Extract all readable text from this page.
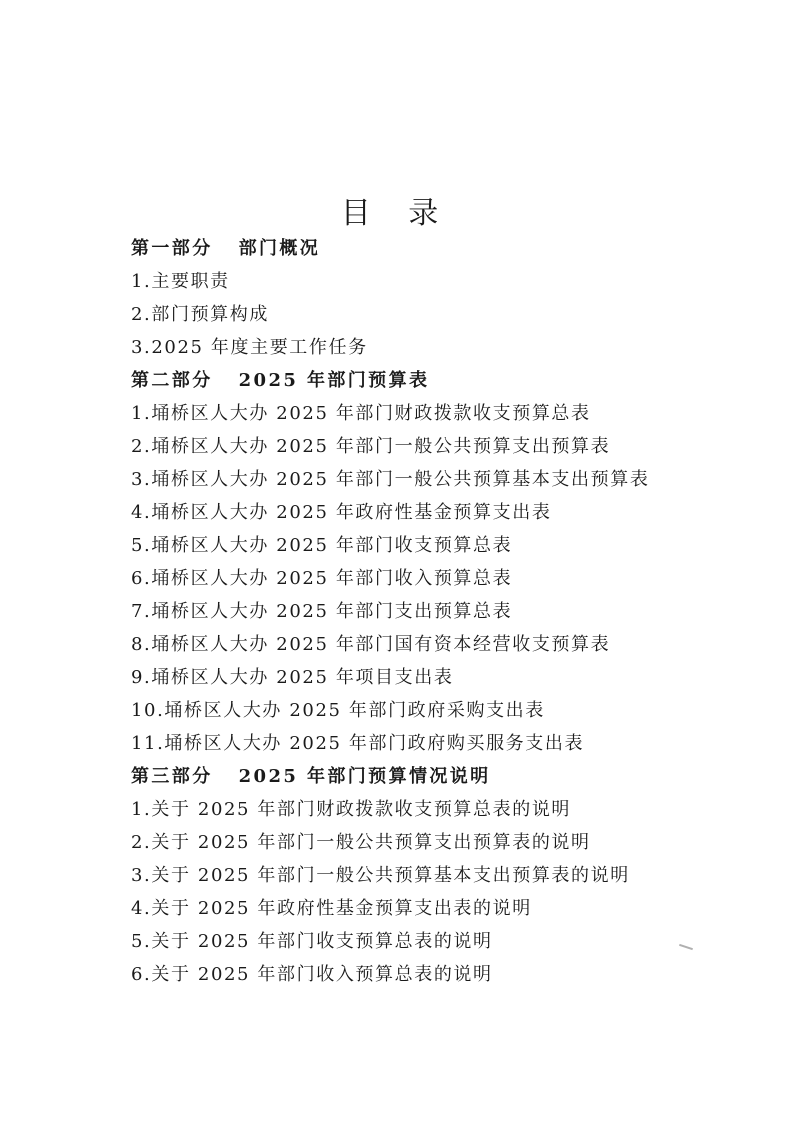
目 录
第一部分 部门概况
1.主要职责
2.部门预算构成
3.2025 年度主要工作任务
第二部分 2025 年部门预算表
1.埇桥区人大办 2025 年部门财政拨款收支预算总表
2.埇桥区人大办 2025 年部门一般公共预算支出预算表
3.埇桥区人大办 2025 年部门一般公共预算基本支出预算表
4.埇桥区人大办 2025 年政府性基金预算支出表
5.埇桥区人大办 2025 年部门收支预算总表
6.埇桥区人大办 2025 年部门收入预算总表
7.埇桥区人大办 2025 年部门支出预算总表
8.埇桥区人大办 2025 年部门国有资本经营收支预算表
9.埇桥区人大办 2025 年项目支出表
10.埇桥区人大办 2025 年部门政府采购支出表
11.埇桥区人大办 2025 年部门政府购买服务支出表
第三部分 2025 年部门预算情况说明
1.关于 2025 年部门财政拨款收支预算总表的说明
2.关于 2025 年部门一般公共预算支出预算表的说明
3.关于 2025 年部门一般公共预算基本支出预算表的说明
4.关于 2025 年政府性基金预算支出表的说明
5.关于 2025 年部门收支预算总表的说明
6.关于 2025 年部门收入预算总表的说明
